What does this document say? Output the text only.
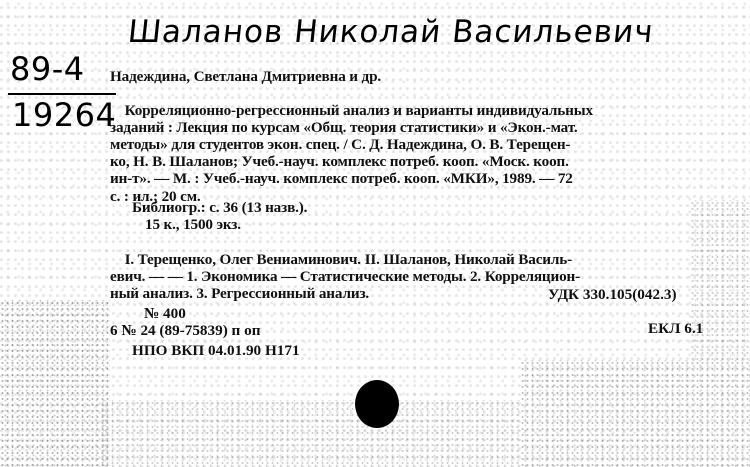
Шаланов Николай Васильевич
89-4
19264
Надеждина, Светлана Дмитриевна и др.

Корреляционно-регрессионный анализ и варианты индивидуальных
заданий : Лекция по курсам «Общ. теория статистики» и «Экон.-мат.
методы» для студентов экон. спец. / С. Д. Надеждина, О. В. Терещен-
ко, Н. В. Шаланов; Учеб.-науч. комплекс потреб. кооп. «Моск. кооп.
ин-т». — М. : Учеб.-науч. комплекс потреб. кооп. «МКИ», 1989. — 72
с. : ил.; 20 см.
Библиогр.: с. 36 (13 назв.).
15 к., 1500 экз.

I. Терещенко, Олег Вениаминович. II. Шаланов, Николай Василь-
евич. — — 1. Экономика — Статистические методы. 2. Корреляцион-
ный анализ. 3. Регрессионный анализ.	УДК 330.105(042.3)
№ 400
6 № 24 (89-75839) п оп	ЕКЛ 6.1
НПО ВКП 04.01.90 Н171
